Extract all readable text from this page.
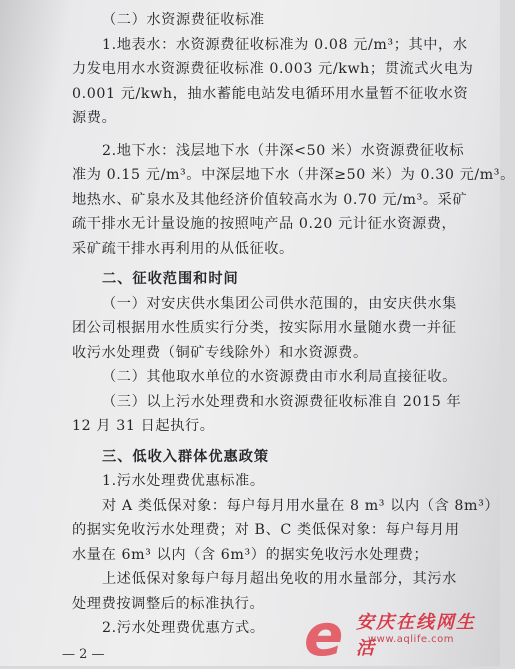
（二）水资源费征收标准
1.地表水：水资源费征收标准为 0.08 元/m³；其中，水
力发电用水水资源费征收标准 0.003 元/kwh；贯流式火电为
0.001 元/kwh，抽水蓄能电站发电循环用水量暂不征收水资
源费。
2.地下水：浅层地下水（井深<50 米）水资源费征收标
准为 0.15 元/m³。中深层地下水（井深≥50 米）为 0.30 元/m³。
地热水、矿泉水及其他经济价值较高水为 0.70 元/m³。采矿
疏干排水无计量设施的按照吨产品 0.20 元计征水资源费，
采矿疏干排水再利用的从低征收。
二、征收范围和时间
（一）对安庆供水集团公司供水范围的，由安庆供水集
团公司根据用水性质实行分类，按实际用水量随水费一并征
收污水处理费（铜矿专线除外）和水资源费。
（二）其他取水单位的水资源费由市水利局直接征收。
（三）以上污水处理费和水资源费征收标准自 2015 年
12 月 31 日起执行。
三、低收入群体优惠政策
1.污水处理费优惠标准。
对 A 类低保对象：每户每月用水量在 8 m³ 以内（含 8m³）
的据实免收污水处理费；对 B、C 类低保对象：每户每月用
水量在 6m³ 以内（含 6m³）的据实免收污水处理费；
上述低保对象每户每月超出免收的用水量部分，其污水
处理费按调整后的标准执行。
2.污水处理费优惠方式。
— 2 —	e 安庆在线网生活
www.aqlife.com
